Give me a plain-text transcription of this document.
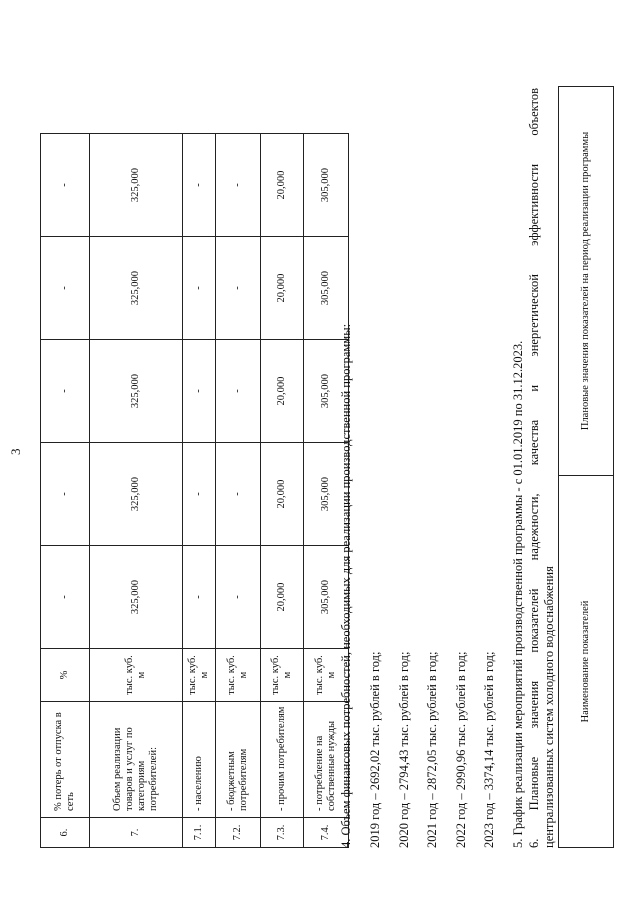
3
6.	% потерь от отпуска в сеть	%	-	-	-	-	-
7.	Объем реализации товаров и услуг по категориям потребителей:	тыс. куб. м	325,000	325,000	325,000	325,000	325,000
7.1.	- населению	тыс. куб. м	-	-	-	-	-
7.2.	- бюджетным потребителям	тыс. куб. м	-	-	-	-	-
7.3.	- прочим потребителям	тыс. куб. м	20,000	20,000	20,000	20,000	20,000
7.4.	- потребление на собственные нужды	тыс. куб. м	305,000	305,000	305,000	305,000	305,000
4. Объем финансовых потребностей, необходимых для реализации производственной программы: 2019 год – 2692,02 тыс. рублей в год; 2020 год – 2794,43 тыс. рублей в год; 2021 год – 2872,05 тыс. рублей в год; 2022 год – 2990,96 тыс. рублей в год; 2023 год – 3374,14 тыс. рублей в год; 5. График реализации мероприятий производственной программы - с 01.01.2019 по 31.12.2023. 6.
Плановые
значения
показателей
надежности,
качества
и
энергетической
эффективности
объектов
централизованных систем холодного водоснабжения Наименование показателей	Плановые значения показателей на период реализации программы
